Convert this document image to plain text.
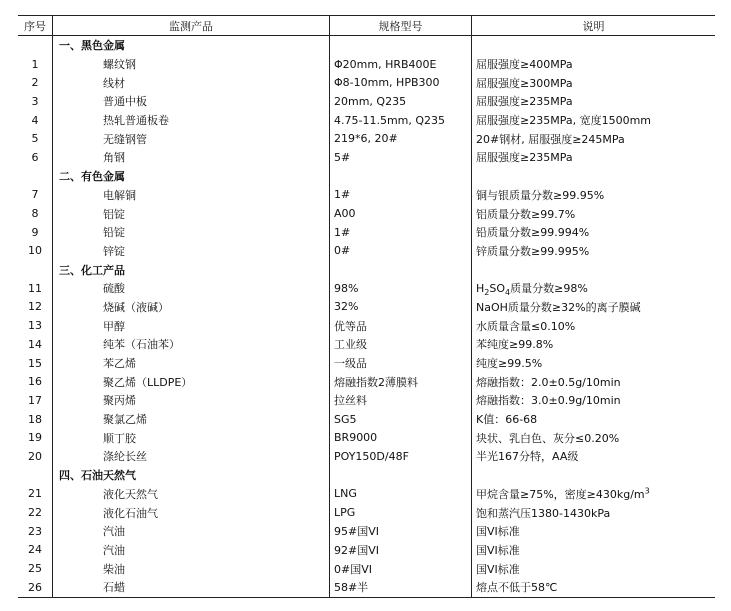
序号	监测产品	规格型号	说明
	一、黑色金属		
1	螺纹钢	Φ20mm, HRB400E	屈服强度≥400MPa
2	线材	Φ8-10mm, HPB300	屈服强度≥300MPa
3	普通中板	20mm, Q235	屈服强度≥235MPa
4	热轧普通板卷	4.75-11.5mm, Q235	屈服强度≥235MPa, 宽度1500mm
5	无缝钢管	219*6, 20#	20#钢材, 屈服强度≥245MPa
6	角钢	5#	屈服强度≥235MPa
	二、有色金属		
7	电解铜	1#	铜与银质量分数≥99.95%
8	铝锭	A00	铝质量分数≥99.7%
9	铅锭	1#	铅质量分数≥99.994%
10	锌锭	0#	锌质量分数≥99.995%
	三、化工产品		
11	硫酸	98%	$H_2SO_4$质量分数≥98%
12	烧碱（液碱）	32%	NaOH质量分数≥32%的离子膜碱
13	甲醇	优等品	水质量含量≤0.10%
14	纯苯（石油苯）	工业级	苯纯度≥99.8%
15	苯乙烯	一级品	纯度≥99.5%
16	聚乙烯（LLDPE）	熔融指数2薄膜料	熔融指数：2.0±0.5g/10min
17	聚丙烯	拉丝料	熔融指数：3.0±0.9g/10min
18	聚氯乙烯	SG5	K值：66-68
19	顺丁胶	BR9000	块状、乳白色、灰分≤0.20%
20	涤纶长丝	POY150D/48F	半光167分特，AA级
	四、石油天然气		
21	液化天然气	LNG	甲烷含量≥75%，密度$\ge 430kg/m^3$
22	液化石油气	LPG	饱和蒸汽压1380-1430kPa
23	汽油	95#国VI	国VI标准
24	汽油	92#国VI	国VI标准
25	柴油	0#国VI	国VI标准
26	石蜡	58#半	熔点不低于58℃
